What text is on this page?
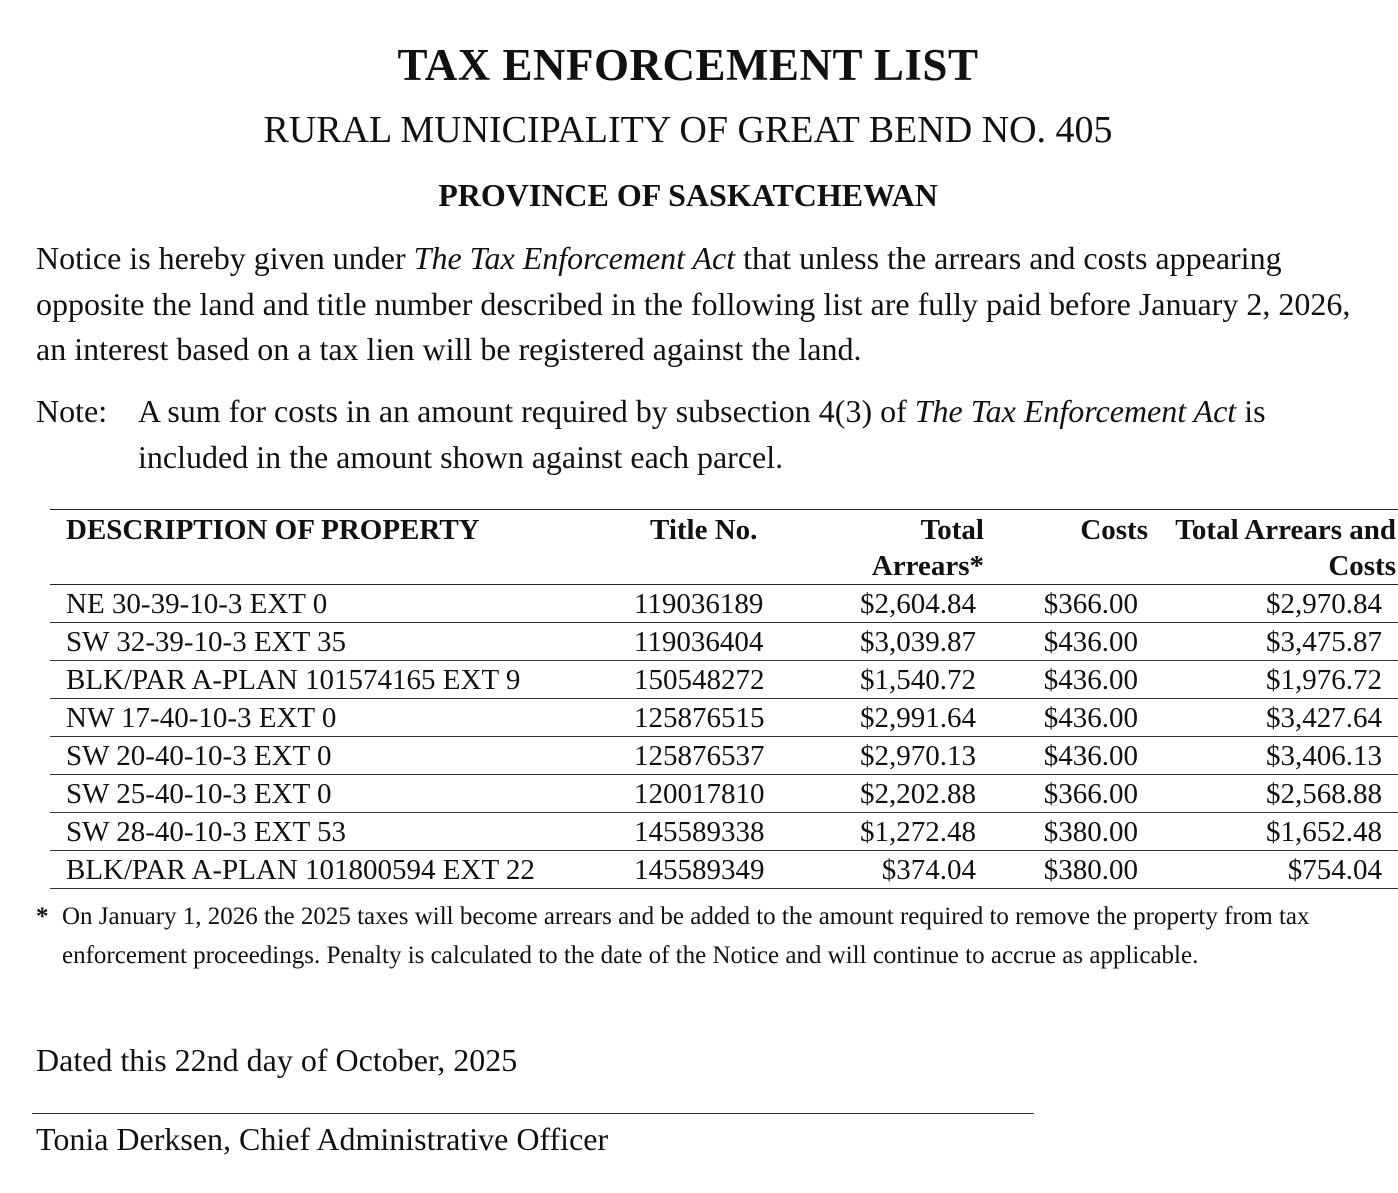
TAX ENFORCEMENT LIST
RURAL MUNICIPALITY OF GREAT BEND NO. 405
PROVINCE OF SASKATCHEWAN
Notice is hereby given under The Tax Enforcement Act that unless the arrears and costs appearing opposite the land and title number described in the following list are fully paid before January 2, 2026, an interest based on a tax lien will be registered against the land.
Note: A sum for costs in an amount required by subsection 4(3) of The Tax Enforcement Act is included in the amount shown against each parcel.
DESCRIPTION OF PROPERTY	Title No.	Total Arrears*	Costs	Total Arrears and Costs
NE 30-39-10-3 EXT 0	119036189	$2,604.84	$366.00	$2,970.84
SW 32-39-10-3 EXT 35	119036404	$3,039.87	$436.00	$3,475.87
BLK/PAR A-PLAN 101574165 EXT 9	150548272	$1,540.72	$436.00	$1,976.72
NW 17-40-10-3 EXT 0	125876515	$2,991.64	$436.00	$3,427.64
SW 20-40-10-3 EXT 0	125876537	$2,970.13	$436.00	$3,406.13
SW 25-40-10-3 EXT 0	120017810	$2,202.88	$366.00	$2,568.88
SW 28-40-10-3 EXT 53	145589338	$1,272.48	$380.00	$1,652.48
BLK/PAR A-PLAN 101800594 EXT 22	145589349	$374.04	$380.00	$754.04
* On January 1, 2026 the 2025 taxes will become arrears and be added to the amount required to remove the property from tax enforcement proceedings. Penalty is calculated to the date of the Notice and will continue to accrue as applicable.
Dated this 22nd day of October, 2025
Tonia Derksen, Chief Administrative Officer
